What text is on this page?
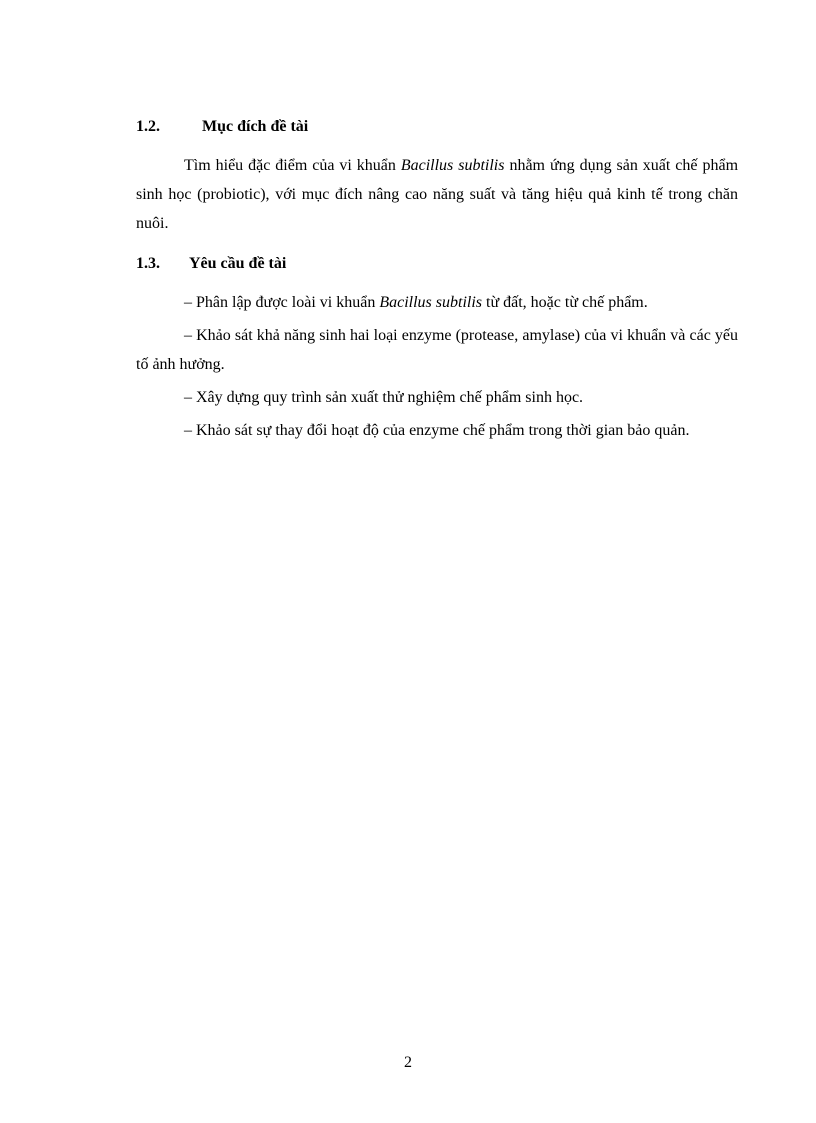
1.2.	Mục đích đề tài

Tìm hiểu đặc điểm của vi khuẩn Bacillus subtilis nhằm ứng dụng sản xuất chế phẩm sinh học (probiotic), với mục đích nâng cao năng suất và tăng hiệu quả kinh tế trong chăn nuôi.

1.3.	Yêu cầu đề tài

– Phân lập được loài vi khuẩn Bacillus subtilis từ đất, hoặc từ chế phẩm.

– Khảo sát khả năng sinh hai loại enzyme (protease, amylase) của vi khuẩn và các yếu tố ảnh hưởng.

– Xây dựng quy trình sản xuất thử nghiệm chế phẩm sinh học.

– Khảo sát sự thay đổi hoạt độ của enzyme chế phẩm trong thời gian bảo quản.

2
